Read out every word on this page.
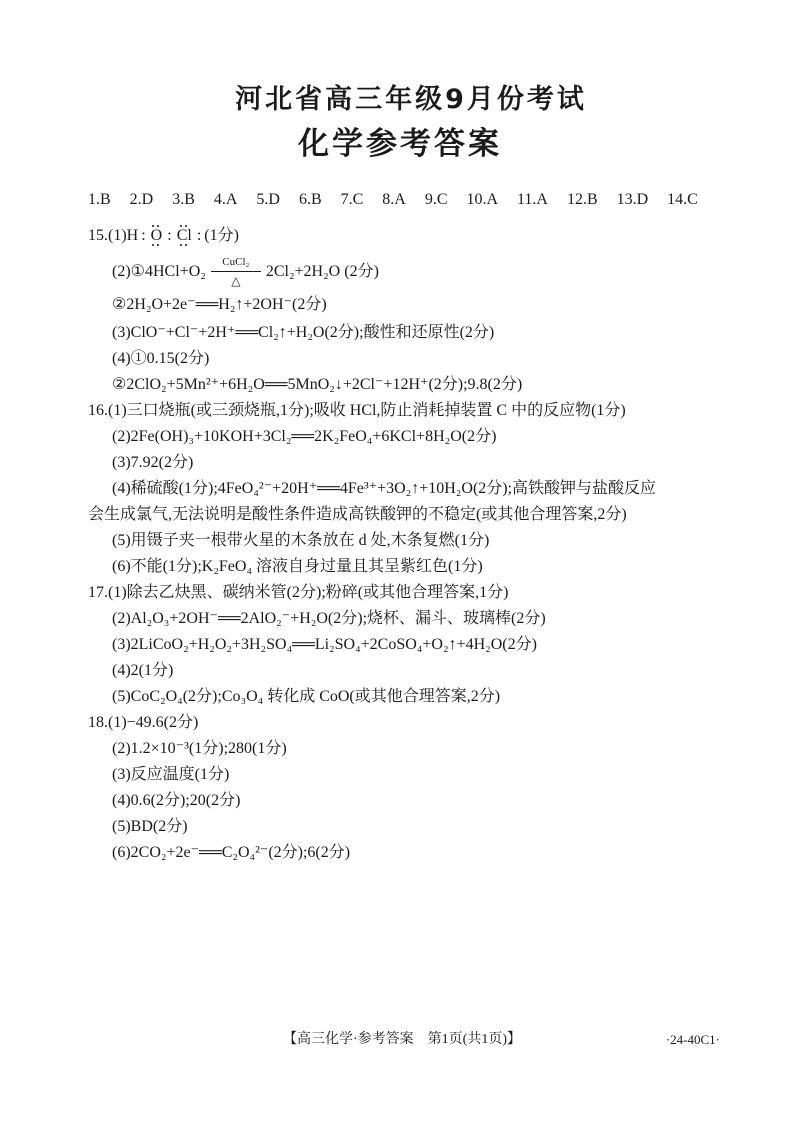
河北省高三年级9月份考试
化学参考答案
1.B 2.D 3.B 4.A 5.D 6.B 7.C 8.A 9.C 10.A 11.A 12.B 13.D 14.C
15.(1)H : O : Cl : (1分)
(2)①4HCl+O₂
CuCl₂
△
2Cl₂+2H₂O (2分)
②2H₂O+2e⁻══H₂↑+2OH⁻(2分)
(3)ClO⁻+Cl⁻+2H⁺══Cl₂↑+H₂O(2分);酸性和还原性(2分)
(4)①0.15(2分)
②2ClO₂+5Mn²⁺+6H₂O══5MnO₂↓+2Cl⁻+12H⁺(2分);9.8(2分)
16.(1)三口烧瓶(或三颈烧瓶,1分);吸收 HCl,防止消耗掉装置 C 中的反应物(1分)
(2)2Fe(OH)₃+10KOH+3Cl₂══2K₂FeO₄+6KCl+8H₂O(2分)
(3)7.92(2分)
(4)稀硫酸(1分);4FeO₄²⁻+20H⁺══4Fe³⁺+3O₂↑+10H₂O(2分);高铁酸钾与盐酸反应
会生成氯气,无法说明是酸性条件造成高铁酸钾的不稳定(或其他合理答案,2分)
(5)用镊子夹一根带火星的木条放在 d 处,木条复燃(1分)
(6)不能(1分);K₂FeO₄ 溶液自身过量且其呈紫红色(1分)
17.(1)除去乙炔黑、碳纳米管(2分);粉碎(或其他合理答案,1分)
(2)Al₂O₃+2OH⁻══2AlO₂⁻+H₂O(2分);烧杯、漏斗、玻璃棒(2分)
(3)2LiCoO₂+H₂O₂+3H₂SO₄══Li₂SO₄+2CoSO₄+O₂↑+4H₂O(2分)
(4)2(1分)
(5)CoC₂O₄(2分);Co₃O₄ 转化成 CoO(或其他合理答案,2分)
18.(1)−49.6(2分)
(2)1.2×10⁻³(1分);280(1分)
(3)反应温度(1分)
(4)0.6(2分);20(2分)
(5)BD(2分)
(6)2CO₂+2e⁻══C₂O₄²⁻(2分);6(2分)
【高三化学·参考答案　第1页(共1页)】	·24-40C1·
